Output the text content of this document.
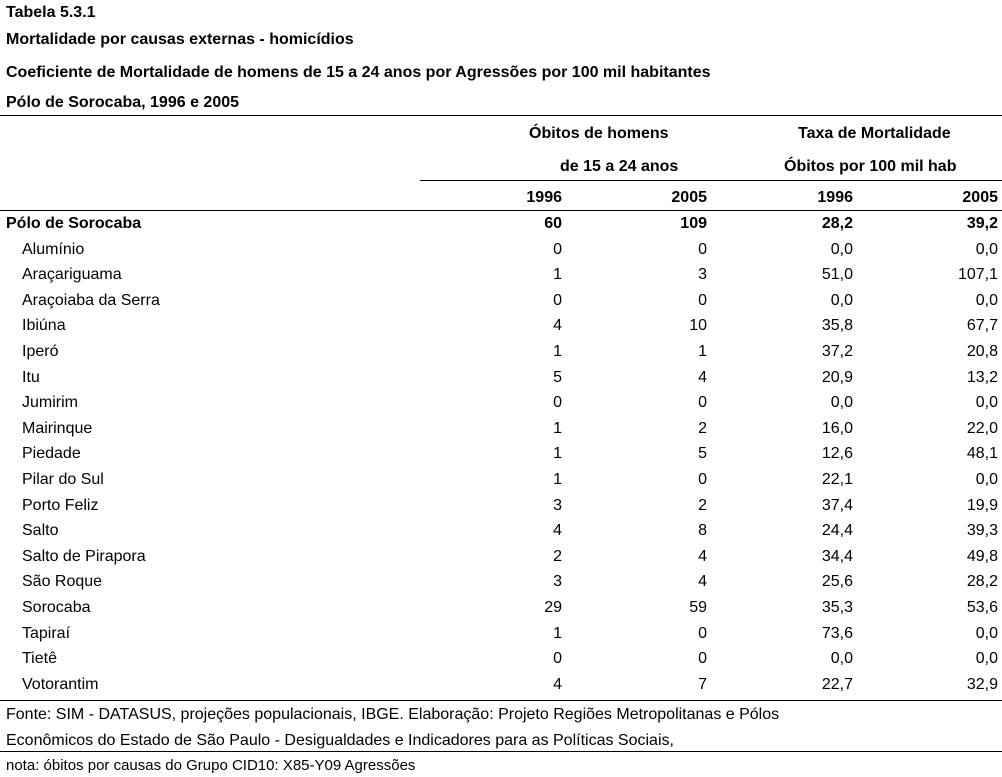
Tabela 5.3.1
Mortalidade por causas externas - homicídios
Coeficiente de Mortalidade de homens de 15 a 24 anos por Agressões por 100 mil habitantes
Pólo de Sorocaba, 1996 e 2005
Óbitos de homens
de 15 a 24 anos
Taxa de Mortalidade
Óbitos por 100 mil hab
1996	2005	1996	2005
Pólo de Sorocaba	60	109	28,2	39,2
Alumínio	0	0	0,0	0,0
Araçariguama	1	3	51,0	107,1
Araçoiaba da Serra	0	0	0,0	0,0
Ibiúna	4	10	35,8	67,7
Iperó	1	1	37,2	20,8
Itu	5	4	20,9	13,2
Jumirim	0	0	0,0	0,0
Mairinque	1	2	16,0	22,0
Piedade	1	5	12,6	48,1
Pilar do Sul	1	0	22,1	0,0
Porto Feliz	3	2	37,4	19,9
Salto	4	8	24,4	39,3
Salto de Pirapora	2	4	34,4	49,8
São Roque	3	4	25,6	28,2
Sorocaba	29	59	35,3	53,6
Tapiraí	1	0	73,6	0,0
Tietê	0	0	0,0	0,0
Votorantim	4	7	22,7	32,9
Fonte: SIM - DATASUS, projeções populacionais, IBGE. Elaboração: Projeto Regiões Metropolitanas e Pólos
Econômicos do Estado de São Paulo - Desigualdades e Indicadores para as Políticas Sociais,
nota: óbitos por causas do Grupo CID10: X85-Y09 Agressões
